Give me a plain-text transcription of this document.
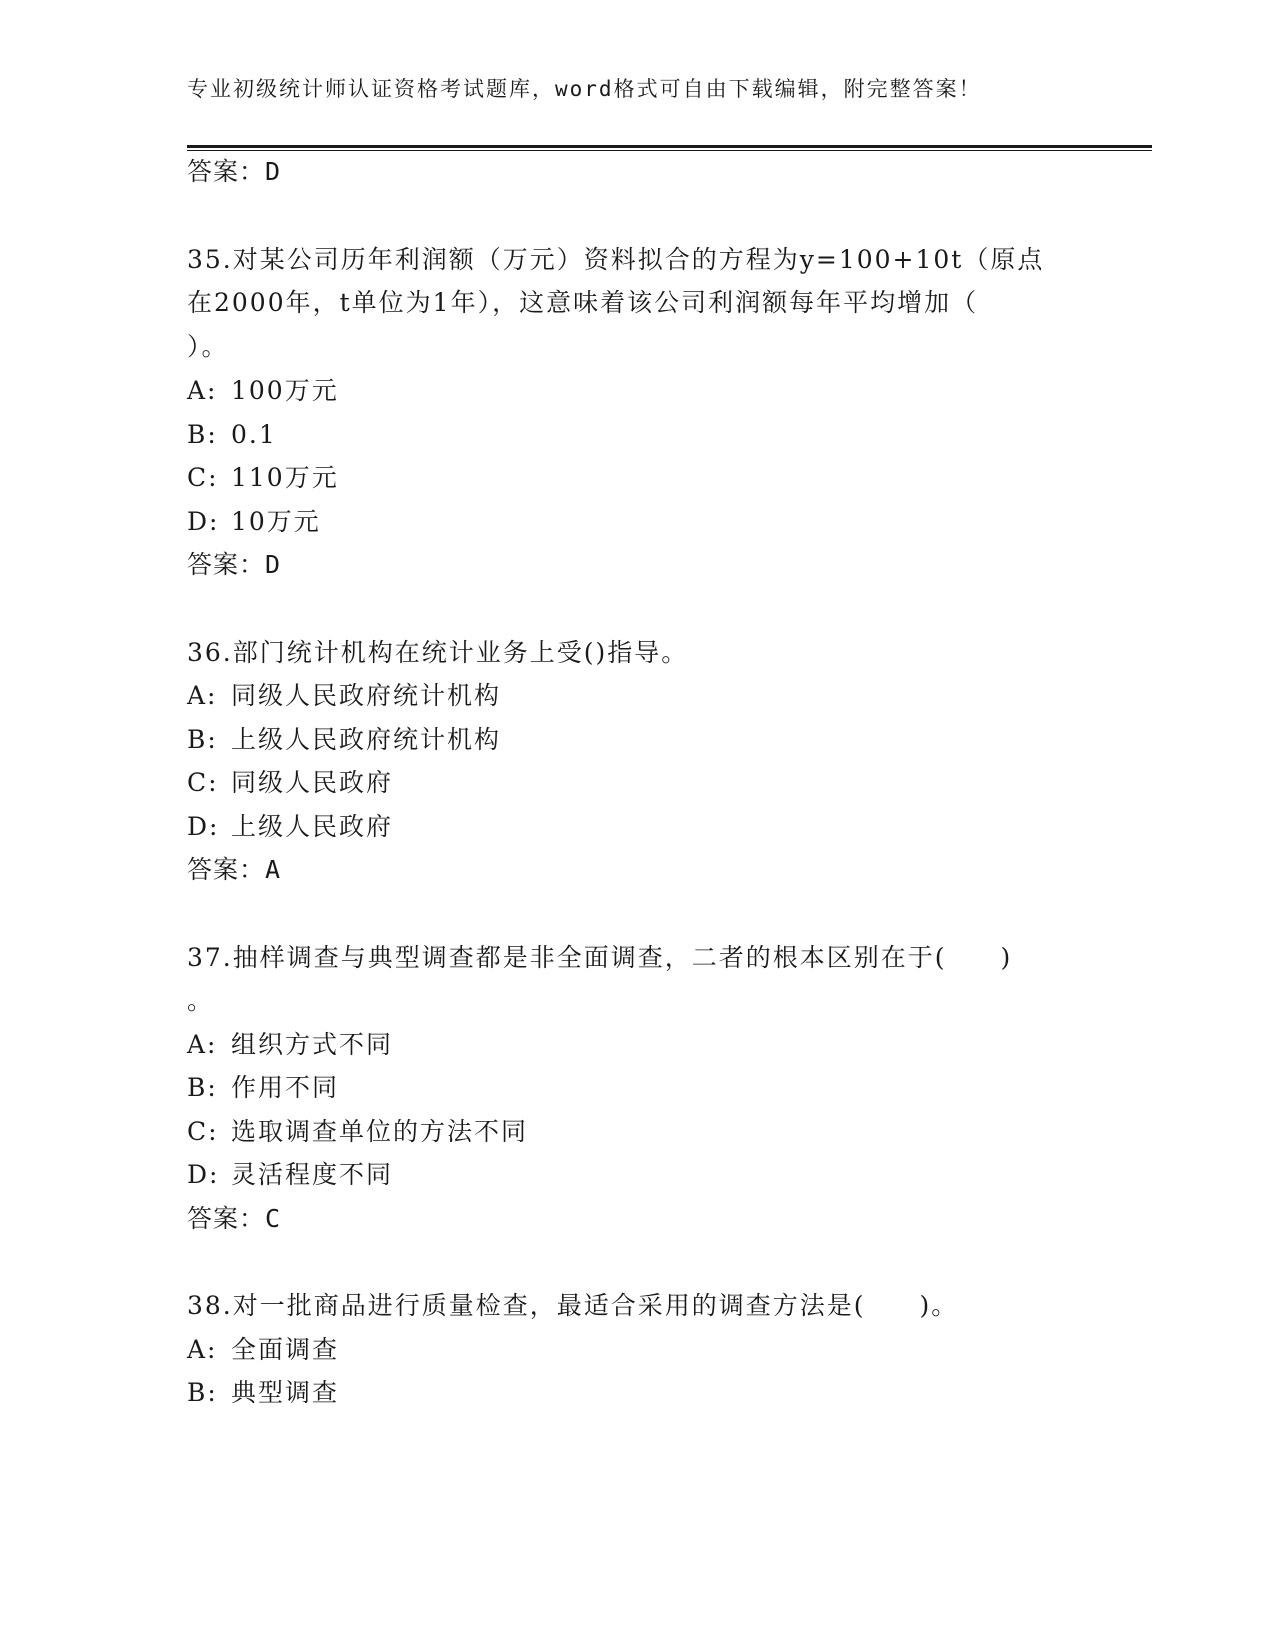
专业初级统计师认证资格考试题库，word格式可自由下载编辑，附完整答案！
答案：D
35.对某公司历年利润额（万元）资料拟合的方程为y=100+10t（原点
在2000年，t单位为1年），这意味着该公司利润额每年平均增加（
）。
A: 100万元
B: 0.1
C: 110万元
D: 10万元
答案：D
36.部门统计机构在统计业务上受()指导。
A: 同级人民政府统计机构
B: 上级人民政府统计机构
C: 同级人民政府
D: 上级人民政府
答案：A
37.抽样调查与典型调查都是非全面调查，二者的根本区别在于(　　)
。
A: 组织方式不同
B: 作用不同
C: 选取调查单位的方法不同
D: 灵活程度不同
答案：C
38.对一批商品进行质量检查，最适合采用的调查方法是(　　)。
A: 全面调查
B: 典型调查
